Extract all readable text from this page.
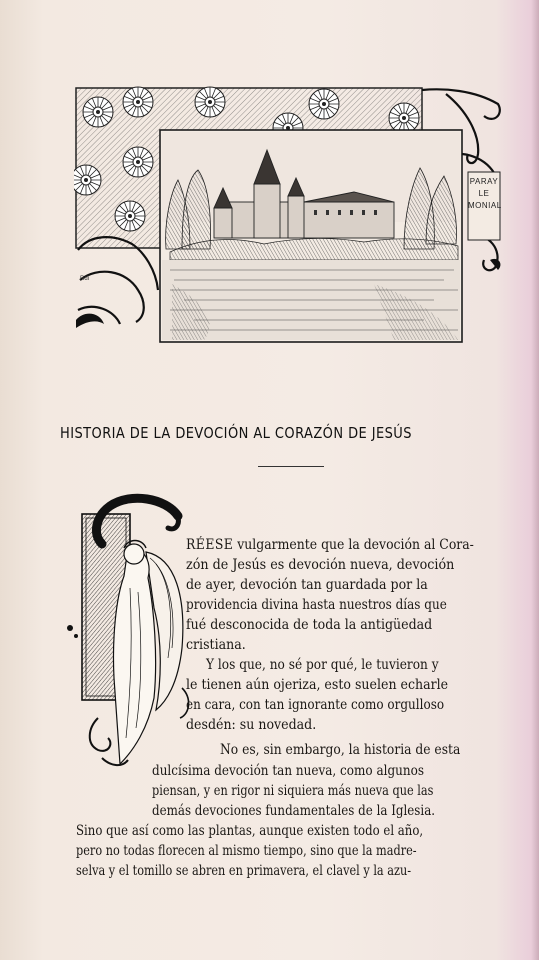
PARAY LE MONIAL
Rdi
HISTORIA DE LA DEVOCIÓN AL CORAZÓN DE JESÚS
RÉESE vulgarmente que la devoción al Cora-
zón de Jesús es devoción nueva, devoción
de ayer, devoción tan guardada por la
providencia divina hasta nuestros días que
fué desconocida de toda la antigüedad
cristiana.
Y los que, no sé por qué, le tuvieron y
le tienen aún ojeriza, esto suelen echarle
en cara, con tan ignorante como orgulloso
desdén: su novedad.
No es, sin embargo, la historia de esta
dulcísima devoción tan nueva, como algunos
piensan, y en rigor ni siquiera más nueva que las
demás devociones fundamentales de la Iglesia.
Sino que así como las plantas, aunque existen todo el año,
pero no todas florecen al mismo tiempo, sino que la madre-
selva y el tomillo se abren en primavera, el clavel y la azu-
